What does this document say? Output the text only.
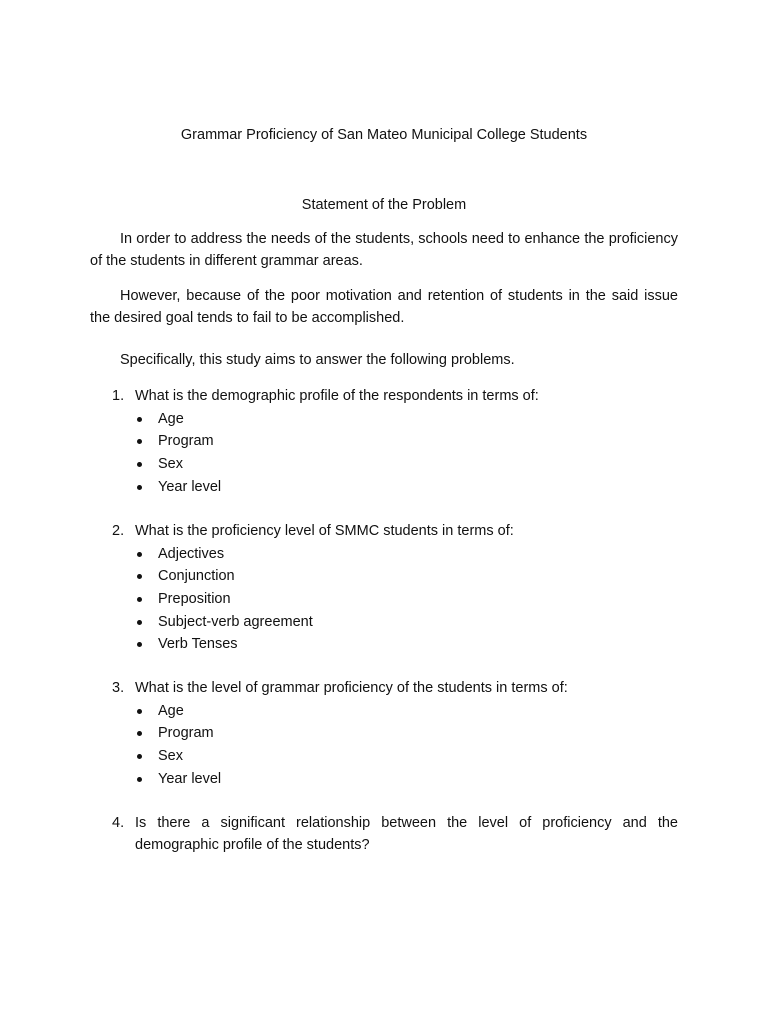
Grammar Proficiency of San Mateo Municipal College Students
Statement of the Problem

In order to address the needs of the students, schools need to enhance the proficiency of the students in different grammar areas.

However, because of the poor motivation and retention of students in the said issue the desired goal tends to fail to be accomplished.

Specifically, this study aims to answer the following problems.

1. What is the demographic profile of the respondents in terms of:
Age
Program
Sex
Year level
2. What is the proficiency level of SMMC students in terms of:
Adjectives
Conjunction
Preposition
Subject-verb agreement
Verb Tenses
3. What is the level of grammar proficiency of the students in terms of:
Age
Program
Sex
Year level
4. Is there a significant relationship between the level of proficiency and the demographic profile of the students?
